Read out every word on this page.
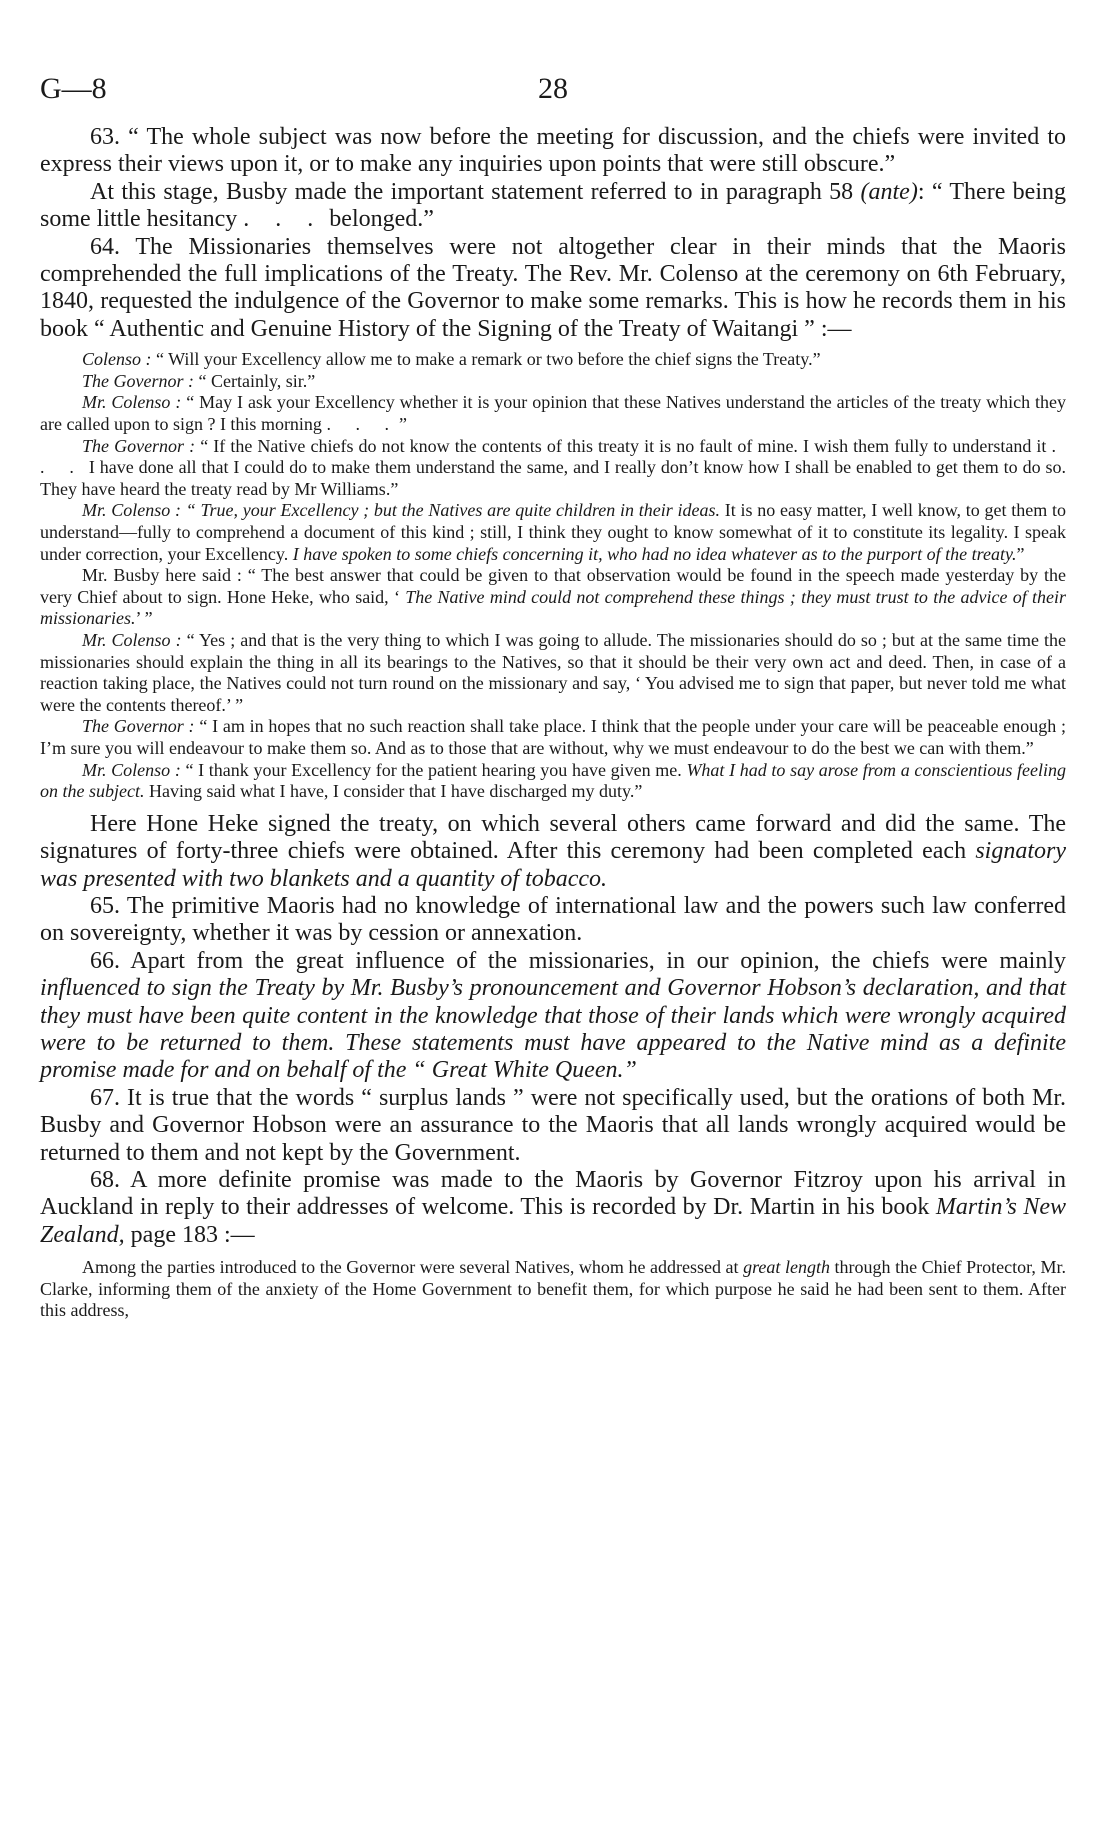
G—8	28

63. “ The whole subject was now before the meeting for discussion, and the chiefs were invited to express their views upon it, or to make any inquiries upon points that were still obscure.”

At this stage, Busby made the important statement referred to in paragraph 58 (ante): “ There being some little hesitancy . . . belonged.”

64. The Missionaries themselves were not altogether clear in their minds that the Maoris comprehended the full implications of the Treaty. The Rev. Mr. Colenso at the ceremony on 6th February, 1840, requested the indulgence of the Governor to make some remarks. This is how he records them in his book “ Authentic and Genuine History of the Signing of the Treaty of Waitangi ” :—

Colenso : “ Will your Excellency allow me to make a remark or two before the chief signs the Treaty.”

The Governor : “ Certainly, sir.”

Mr. Colenso : “ May I ask your Excellency whether it is your opinion that these Natives understand the articles of the treaty which they are called upon to sign ? I this morning . . .”

The Governor : “ If the Native chiefs do not know the contents of this treaty it is no fault of mine. I wish them fully to understand it . . . I have done all that I could do to make them understand the same, and I really don’t know how I shall be enabled to get them to do so. They have heard the treaty read by Mr Williams.”

Mr. Colenso : “ True, your Excellency ; but the Natives are quite children in their ideas. It is no easy matter, I well know, to get them to understand—fully to comprehend a document of this kind ; still, I think they ought to know somewhat of it to constitute its legality. I speak under correction, your Excellency. I have spoken to some chiefs concerning it, who had no idea whatever as to the purport of the treaty.”

Mr. Busby here said : “ The best answer that could be given to that observation would be found in the speech made yesterday by the very Chief about to sign. Hone Heke, who said, ‘ The Native mind could not comprehend these things ; they must trust to the advice of their missionaries.’ ”

Mr. Colenso : “ Yes ; and that is the very thing to which I was going to allude. The missionaries should do so ; but at the same time the missionaries should explain the thing in all its bearings to the Natives, so that it should be their very own act and deed. Then, in case of a reaction taking place, the Natives could not turn round on the missionary and say, ‘ You advised me to sign that paper, but never told me what were the contents thereof.’ ”

The Governor : “ I am in hopes that no such reaction shall take place. I think that the people under your care will be peaceable enough ; I’m sure you will endeavour to make them so. And as to those that are without, why we must endeavour to do the best we can with them.”

Mr. Colenso : “ I thank your Excellency for the patient hearing you have given me. What I had to say arose from a conscientious feeling on the subject. Having said what I have, I consider that I have discharged my duty.”

Here Hone Heke signed the treaty, on which several others came forward and did the same. The signatures of forty-three chiefs were obtained. After this ceremony had been completed each signatory was presented with two blankets and a quantity of tobacco.

65. The primitive Maoris had no knowledge of international law and the powers such law conferred on sovereignty, whether it was by cession or annexation.

66. Apart from the great influence of the missionaries, in our opinion, the chiefs were mainly influenced to sign the Treaty by Mr. Busby’s pronouncement and Governor Hobson’s declaration, and that they must have been quite content in the knowledge that those of their lands which were wrongly acquired were to be returned to them. These statements must have appeared to the Native mind as a definite promise made for and on behalf of the “ Great White Queen.”

67. It is true that the words “ surplus lands ” were not specifically used, but the orations of both Mr. Busby and Governor Hobson were an assurance to the Maoris that all lands wrongly acquired would be returned to them and not kept by the Government.

68. A more definite promise was made to the Maoris by Governor Fitzroy upon his arrival in Auckland in reply to their addresses of welcome. This is recorded by Dr. Martin in his book Martin’s New Zealand, page 183 :—

Among the parties introduced to the Governor were several Natives, whom he addressed at great length through the Chief Protector, Mr. Clarke, informing them of the anxiety of the Home Government to benefit them, for which purpose he said he had been sent to them. After this address,
